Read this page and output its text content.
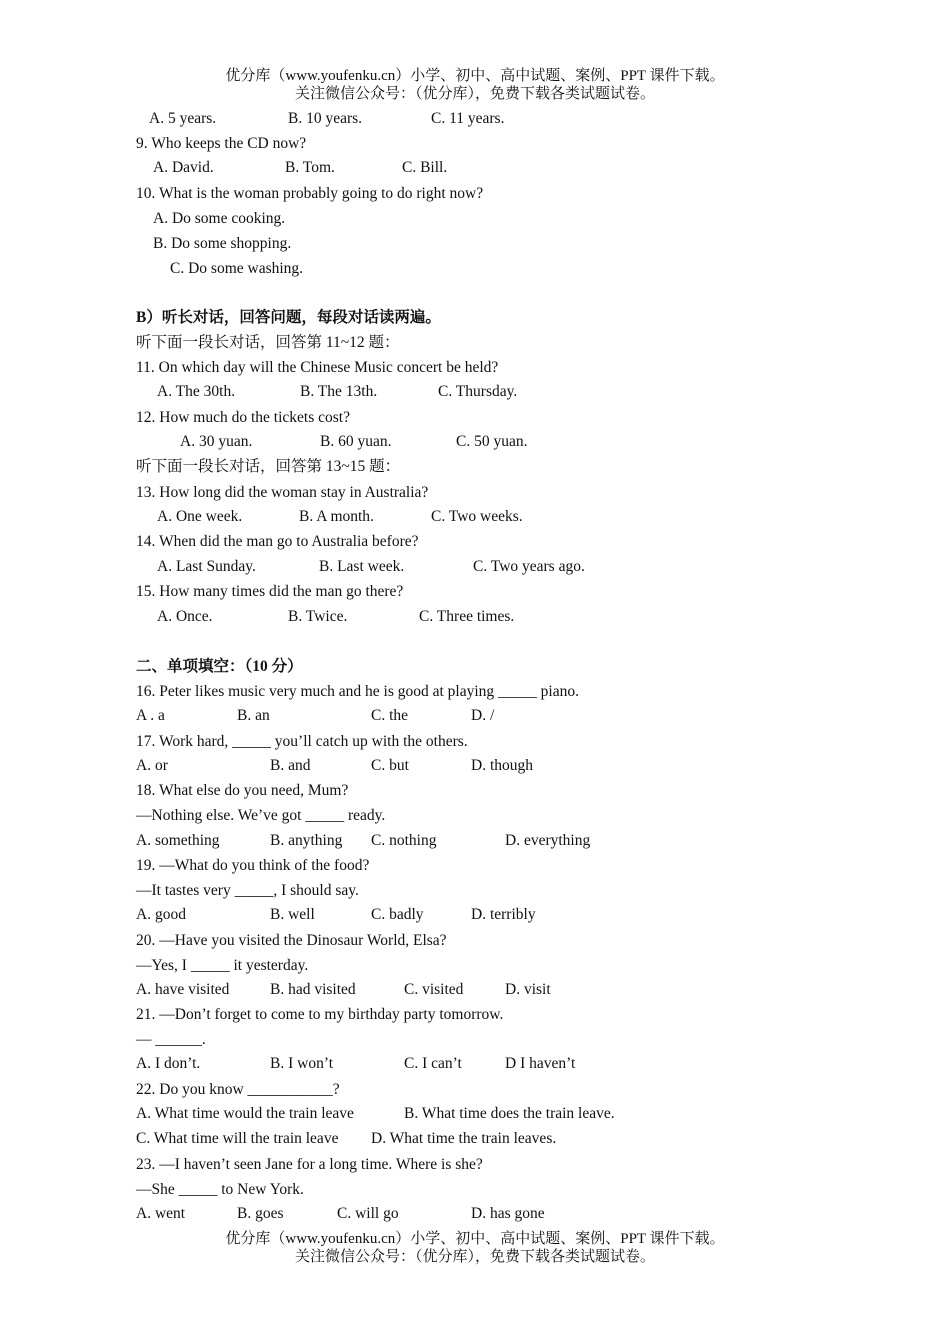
优分库（www.youfenku.cn）小学、初中、高中试题、案例、PPT 课件下载。
关注微信公众号：（优分库），免费下载各类试题试卷。
A. 5 years.	B. 10 years.	C. 11 years.
9. Who keeps the CD now?
A. David.	B. Tom.	C. Bill.
10. What is the woman probably going to do right now?
A. Do some cooking.
B. Do some shopping.
C. Do some washing.
B）听长对话，回答问题，每段对话读两遍。
听下面一段长对话，回答第 11~12 题：
11. On which day will the Chinese Music concert be held?
A. The 30th.	B. The 13th.	C. Thursday.
12. How much do the tickets cost?
A. 30 yuan.	B. 60 yuan.	C. 50 yuan.
听下面一段长对话，回答第 13~15 题：
13. How long did the woman stay in Australia?
A. One week.	B. A month.	C. Two weeks.
14. When did the man go to Australia before?
A. Last Sunday.	B. Last week.	C. Two years ago.
15. How many times did the man go there?
A. Once.	B. Twice.	C. Three times.
二、单项填空：（10 分）
16. Peter likes music very much and he is good at playing _____ piano.
A . a	B. an	C. the	D. /
17. Work hard, _____ you’ll catch up with the others.
A. or	B. and	C. but	D. though
18. What else do you need, Mum?
—Nothing else. We’ve got _____ ready.
A. something	B. anything C. nothing	D. everything
19. —What do you think of the food?
—It tastes very _____, I should say.
A. good	B. well	C. badly	D. terribly
20. —Have you visited the Dinosaur World, Elsa?
—Yes, I _____ it yesterday.
A. have visited	B. had visited	C. visited	D. visit
21. —Don’t forget to come to my birthday party tomorrow.
— ______.
A. I don’t.	B. I won’t	C. I can’t	D I haven’t
22. Do you know ___________?
A. What time would the train leave	B. What time does the train leave.
C. What time will the train leave D. What time the train leaves.
23. —I haven’t seen Jane for a long time. Where is she?
—She _____ to New York.
A. went	B. goes	C. will go	D. has gone
优分库（www.youfenku.cn）小学、初中、高中试题、案例、PPT 课件下载。
关注微信公众号：（优分库），免费下载各类试题试卷。
